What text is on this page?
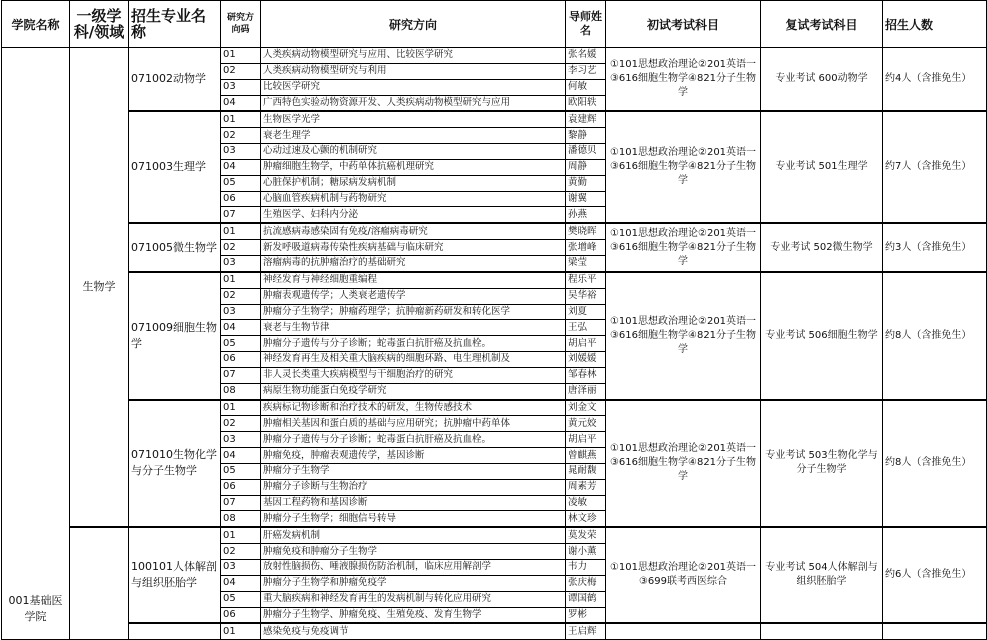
学院名称	一级学科/领域	招生专业名称	研究方向码	研究方向	导师姓名	初试考试科目	复试考试科目	招生人数
001基础医学院	生物学	071002动物学	01	人类疾病动物模型研究与应用、比较医学研究	张名媛	①101思想政治理论②201英语一③616细胞生物学④821分子生物学	专业考试 600动物学	约4人（含推免生）
			02	人类疾病动物模型研究与利用	李习艺			
			03	比较医学研究	何敏			
			04	广西特色实验动物资源开发、人类疾病动物模型研究与应用	欧阳轶			
		071003生理学	01	生物医学光学	袁建辉	①101思想政治理论②201英语一③616细胞生物学④821分子生物学	专业考试 501生理学	约7人（含推免生）
			02	衰老生理学	黎静			
			03	心动过速及心颤的机制研究	潘德贝			
			04	肿瘤细胞生物学，中药单体抗癌机理研究	周静			
			05	心脏保护机制；糖尿病发病机制	黄勤			
			06	心脑血管疾病机制与药物研究	谢翼			
			07	生殖医学、妇科内分泌	孙燕			
		071005微生物学	01	抗流感病毒感染固有免疫/溶瘤病毒研究	樊晓晖	①101思想政治理论②201英语一③616细胞生物学④821分子生物学	专业考试 502微生物学	约3人（含推免生）
			02	新发呼吸道病毒传染性疾病基础与临床研究	张增峰			
			03	溶瘤病毒的抗肿瘤治疗的基础研究	梁莹			
		071009细胞生物学	01	神经发育与神经细胞重编程	程乐平	①101思想政治理论②201英语一③616细胞生物学④821分子生物学	专业考试 506细胞生物学	约8人（含推免生）
			02	肿瘤表观遗传学；人类衰老遗传学	吴华裕			
			03	肿瘤分子生物学；肿瘤药理学；抗肿瘤新药研发和转化医学	刘夏			
			04	衰老与生物节律	王弘			
			05	肿瘤分子遗传与分子诊断；蛇毒蛋白抗肝癌及抗血栓。	胡启平			
			06	神经发育再生及相关重大脑疾病的细胞环路、电生理机制及	刘媛媛			
			07	非人灵长类重大疾病模型与干细胞治疗的研究	邹春林			
			08	病原生物功能蛋白免疫学研究	唐泽丽			
		071010生物化学与分子生物学	01	疾病标记物诊断和治疗技术的研发，生物传感技术	刘金文	①101思想政治理论②201英语一③616细胞生物学④821分子生物学	专业考试 503生物化学与分子生物学	约8人（含推免生）
			02	肿瘤相关基因和蛋白质的基础与应用研究；抗肿瘤中药单体	黄元姣			
			03	肿瘤分子遗传与分子诊断；蛇毒蛋白抗肝癌及抗血栓。	胡启平			
			04	肿瘤免疫，肿瘤表观遗传学，基因诊断	曾麒燕			
			05	肿瘤分子生物学	晁耐馥			
			06	肿瘤分子诊断与生物治疗	周素芳			
			07	基因工程药物和基因诊断	凌敏			
			08	肿瘤分子生物学；细胞信号转导	林文珍			
		100101人体解剖与组织胚胎学	01	肝癌发病机制	莫发荣	①101思想政治理论②201英语一③699联考西医综合	专业考试 504人体解剖与组织胚胎学	约6人（含推免生）
			02	肿瘤免疫和肿瘤分子生物学	谢小薰			
			03	放射性脑损伤、唾液腺损伤防治机制，临床应用解剖学	韦力			
			04	肿瘤分子生物学和肿瘤免疫学	张庆梅			
			05	重大脑疾病和神经发育再生的发病机制与转化应用研究	谭国鹤			
			06	肿瘤分子生物学、肿瘤免疫、生殖免疫、发育生物学	罗彬			
			01	感染免疫与免疫调节	王启辉			
